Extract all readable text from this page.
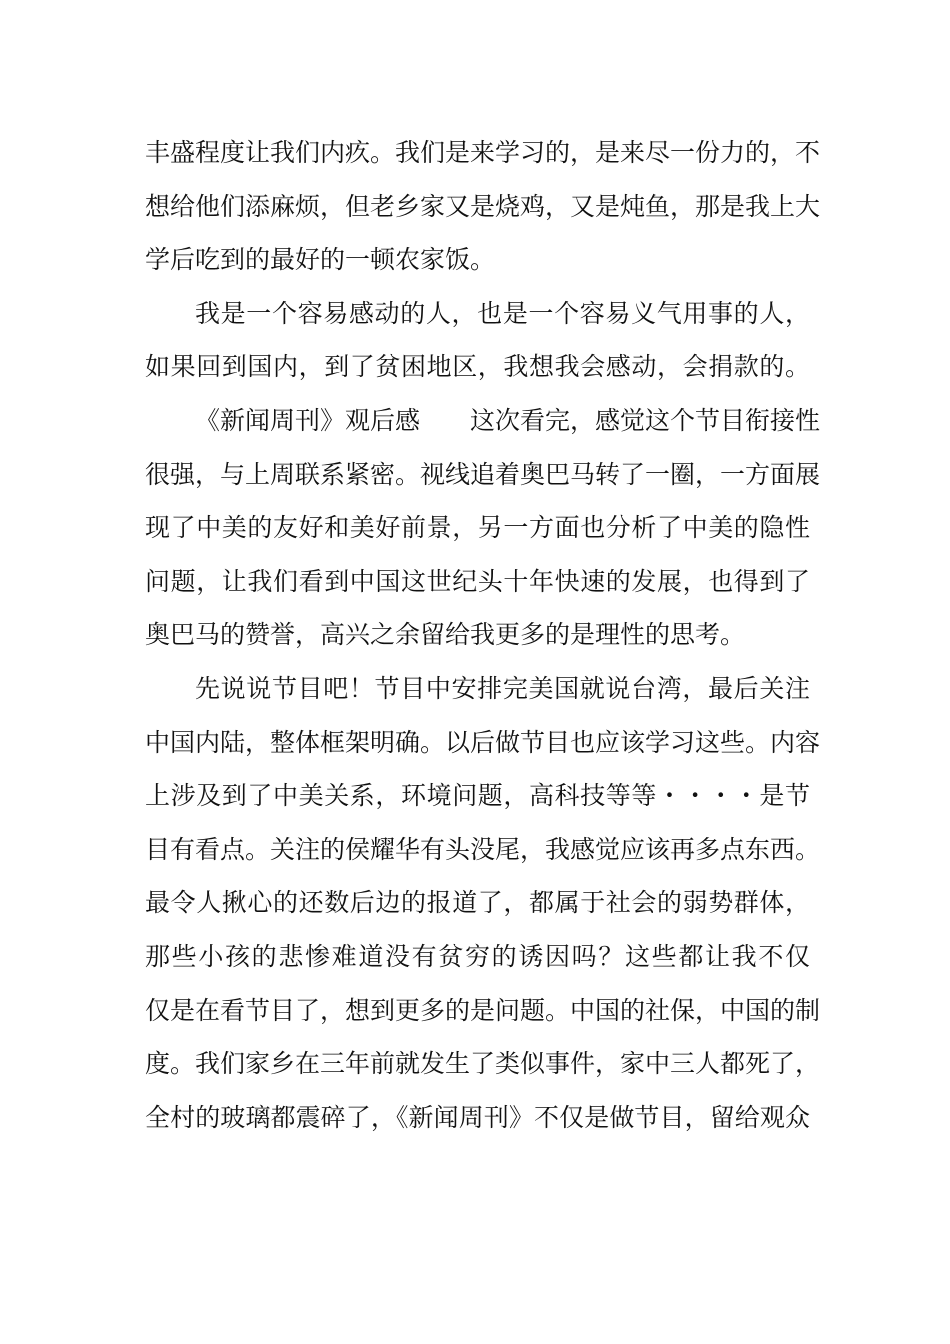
丰盛程度让我们内疚。我们是来学习的，是来尽一份力的，不
想给他们添麻烦，但老乡家又是烧鸡，又是炖鱼，那是我上大
学后吃到的最好的一顿农家饭。
我是一个容易感动的人，也是一个容易义气用事的人，
如果回到国内，到了贫困地区，我想我会感动，会捐款的。
《新闻周刊》观后感　　这次看完，感觉这个节目衔接性
很强，与上周联系紧密。视线追着奥巴马转了一圈，一方面展
现了中美的友好和美好前景，另一方面也分析了中美的隐性
问题，让我们看到中国这世纪头十年快速的发展，也得到了
奥巴马的赞誉，高兴之余留给我更多的是理性的思考。
先说说节目吧！节目中安排完美国就说台湾，最后关注
中国内陆，整体框架明确。以后做节目也应该学习这些。内容
上涉及到了中美关系，环境问题，高科技等等・・・・是节
目有看点。关注的侯耀华有头没尾，我感觉应该再多点东西。
最令人揪心的还数后边的报道了，都属于社会的弱势群体，
那些小孩的悲惨难道没有贫穷的诱因吗？这些都让我不仅
仅是在看节目了，想到更多的是问题。中国的社保，中国的制
度。我们家乡在三年前就发生了类似事件，家中三人都死了，
全村的玻璃都震碎了，《新闻周刊》不仅是做节目，留给观众
